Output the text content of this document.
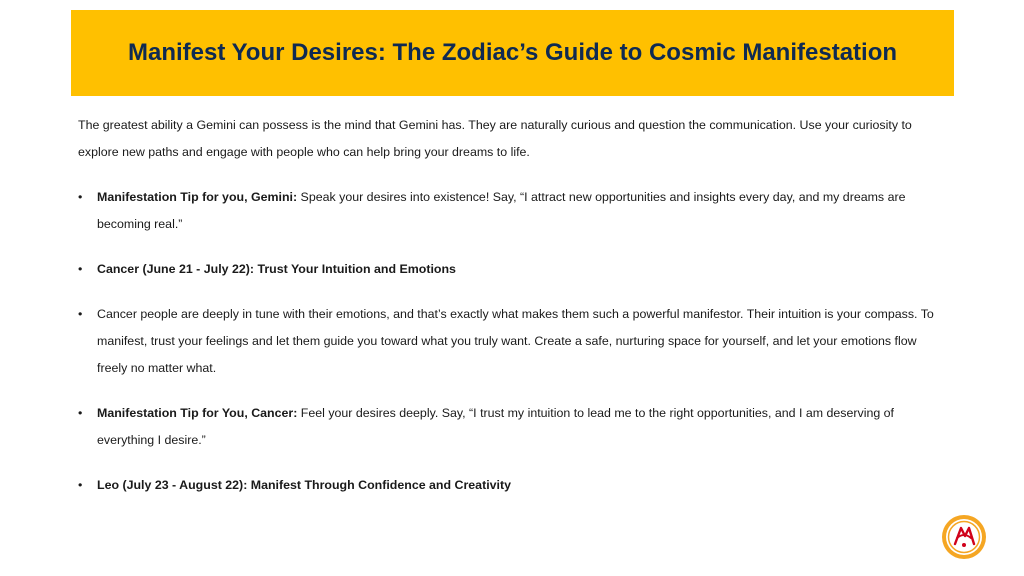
Manifest Your Desires: The Zodiac’s Guide to Cosmic Manifestation

The greatest ability a Gemini can possess is the mind that Gemini has. They are naturally curious and question the communication. Use your curiosity to explore new paths and engage with people who can help bring your dreams to life.

•	Manifestation Tip for you, Gemini: Speak your desires into existence! Say, “I attract new opportunities and insights every day, and my dreams are becoming real.”
•	Cancer (June 21 - July 22): Trust Your Intuition and Emotions
•	Cancer people are deeply in tune with their emotions, and that’s exactly what makes them such a powerful manifestor. Their intuition is your compass. To manifest, trust your feelings and let them guide you toward what you truly want. Create a safe, nurturing space for yourself, and let your emotions flow freely no matter what.
•	Manifestation Tip for You, Cancer: Feel your desires deeply. Say, “I trust my intuition to lead me to the right opportunities, and I am deserving of everything I desire.”
•	Leo (July 23 - August 22): Manifest Through Confidence and Creativity
